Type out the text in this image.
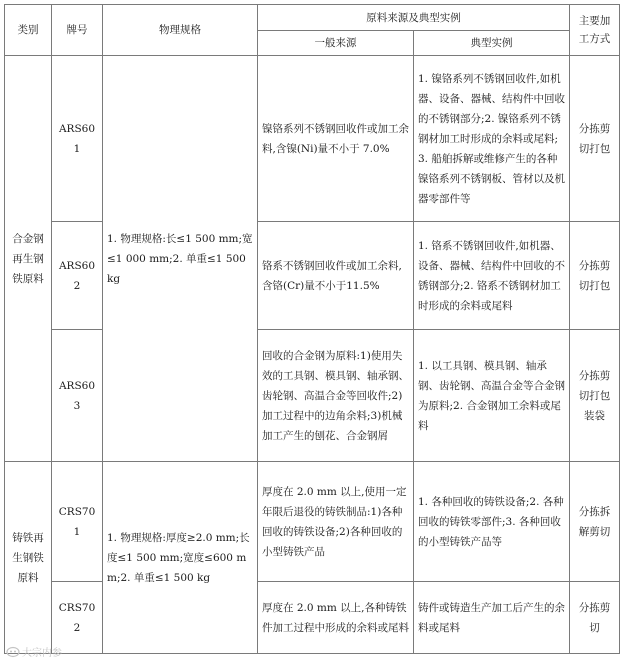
类别	牌号	物理规格	原料来源及典型实例		主要加工方式
			一般来源	典型实例	
合金钢再生钢铁原料	ARS601	1. 物理规格:长≤1 500 mm;宽≤1 000 mm;2. 单重≤1 500 kg	镍铬系列不锈钢回收件或加工余料,含镍(Ni)量不小于 7.0%	1. 镍铬系列不锈钢回收件,如机器、设备、器械、结构件中回收的不锈钢部分;2. 镍铬系列不锈钢材加工时形成的余料或尾料;3. 船舶拆解或维修产生的各种镍铬系列不锈钢板、管材以及机器零部件等	分拣剪切打包
	ARS602		铬系不锈钢回收件或加工余料,含铬(Cr)量不小于11.5%	1. 铬系不锈钢回收件,如机器、设备、器械、结构件中回收的不锈钢部分;2. 铬系不锈钢材加工时形成的余料或尾料	分拣剪切打包
	ARS603		回收的合金钢为原料:1)使用失效的工具钢、模具钢、轴承钢、齿轮钢、高温合金等回收件;2)加工过程中的边角余料;3)机械加工产生的刨花、合金钢屑	1. 以工具钢、模具钢、轴承钢、齿轮钢、高温合金等合金钢为原料;2. 合金钢加工余料或尾料	分拣剪切打包装袋
铸铁再生钢铁原料	CRS701	1. 物理规格:厚度≥2.0 mm;长度≤1 500 mm;宽度≤600 mm;2. 单重≤1 500 kg	厚度在 2.0 mm 以上,使用一定年限后退役的铸铁制品:1)各种回收的铸铁设备;2)各种回收的小型铸铁产品	1. 各种回收的铸铁设备;2. 各种回收的铸铁零部件;3. 各种回收的小型铸铁产品等	分拣拆解剪切
	CRS702		厚度在 2.0 mm 以上,各种铸铁件加工过程中形成的余料或尾料	铸件或铸造生产加工后产生的余料或尾料	分拣剪切
大宗内参
